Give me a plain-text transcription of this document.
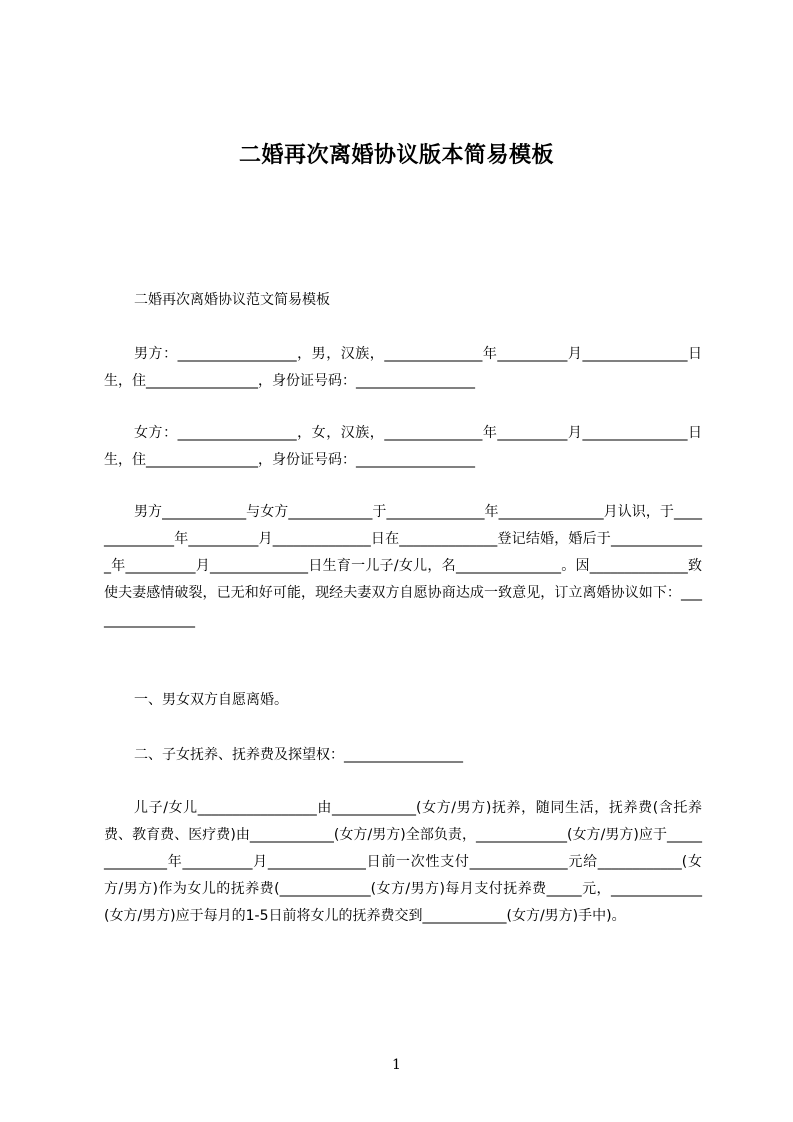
二婚再次离婚协议版本简易模板
二婚再次离婚协议范文简易模板
男方：_________________，男，汉族，______________年__________月_______________日生，住________________，身份证号码：_________________
女方：_________________，女，汉族，______________年__________月_______________日生，住________________，身份证号码：_________________
男方____________与女方____________于______________年_______________月认识，于______________年__________月______________日在______________登记结婚，婚后于______________年__________月______________日生育一儿子/女儿，名_______________。因______________致使夫妻感情破裂，已无和好可能，现经夫妻双方自愿协商达成一致意见，订立离婚协议如下：________________
一、男女双方自愿离婚。
二、子女抚养、抚养费及探望权：_________________
儿子/女儿_________________由____________(女方/男方)抚养，随同生活，抚养费(含托养费、教育费、医疗费)由____________(女方/男方)全部负责，_____________(女方/男方)应于______________年__________月______________日前一次性支付______________元给____________(女方/男方)作为女儿的抚养费(_____________(女方/男方)每月支付抚养费_____元，_____________(女方/男方)应于每月的1-5日前将女儿的抚养费交到____________(女方/男方)手中)。
1
